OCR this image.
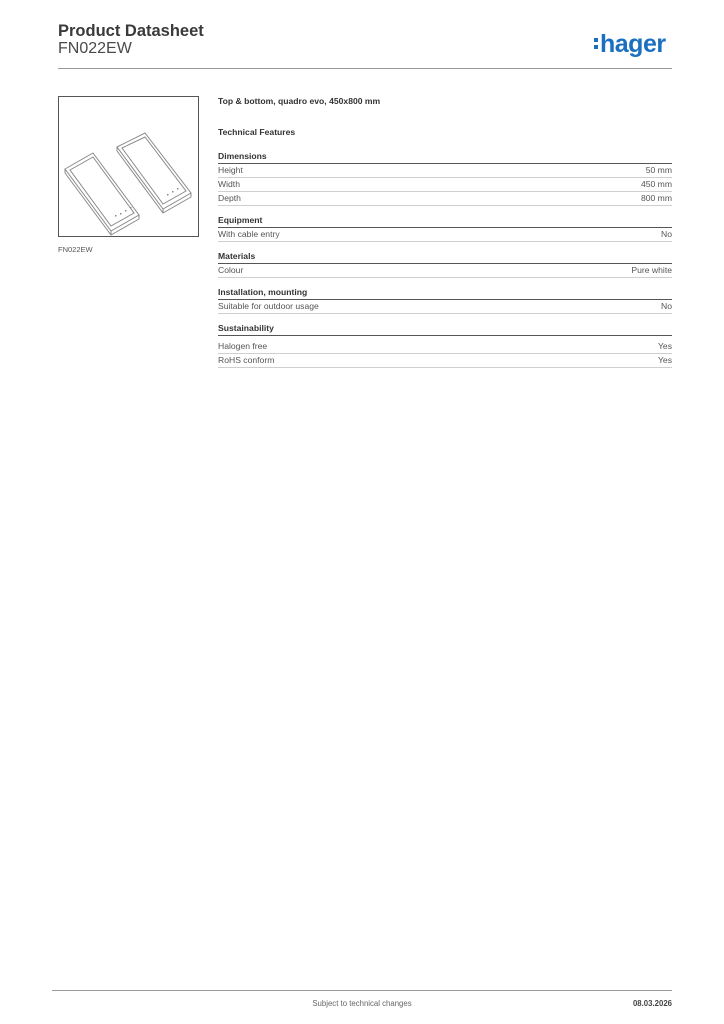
Product Datasheet
FN022EW	hager
FN022EW
Top & bottom, quadro evo, 450x800 mm
Technical Features
Dimensions
Height	50 mm
Width	450 mm
Depth	800 mm
Equipment
With cable entry	No
Materials
Colour	Pure white
Installation, mounting
Suitable for outdoor usage	No
Sustainability
Halogen free	Yes
RoHS conform	Yes
Subject to technical changes	08.03.2026
